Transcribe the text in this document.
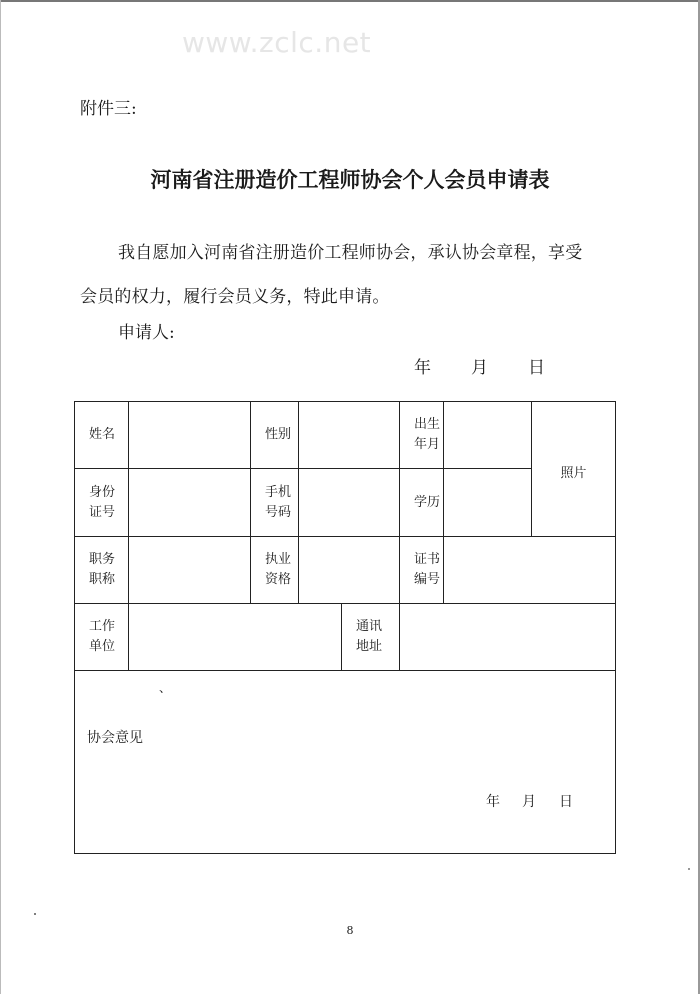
www.zclc.net
附件三:
河南省注册造价工程师协会个人会员申请表
我自愿加入河南省注册造价工程师协会，承认协会章程，享受
会员的权力，履行会员义务，特此申请。
申请人:
年 月 日
姓名		性别			出生年月		照片

身份证号		手机号码			学历		
职务职称		执业资格			证书编号		
工作单位				通讯地址			

、
协会意见
年 月 日							
8
